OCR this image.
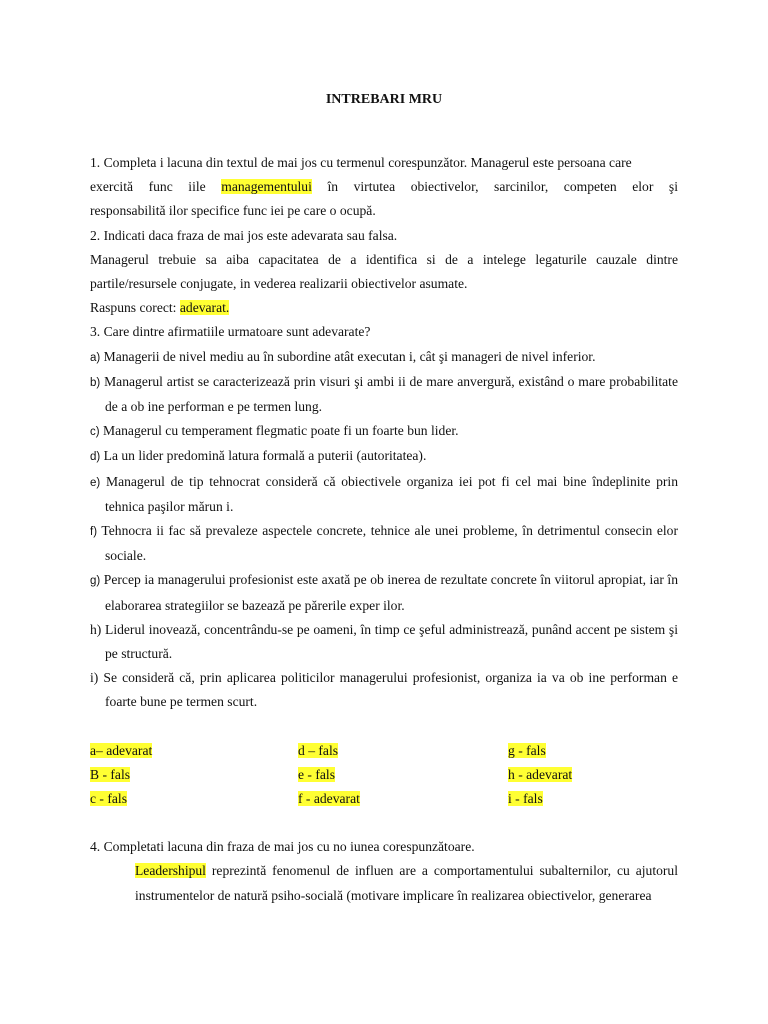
INTREBARI MRU
1. Completa i lacuna din textul de mai jos cu termenul corespunzător. Managerul este persoana care
exercită func iile managementului în virtutea obiectivelor, sarcinilor, competen elor şi
responsabilită ilor specifice func iei pe care o ocupă.
2. Indicati daca fraza de mai jos este adevarata sau falsa.
Managerul trebuie sa aiba capacitatea de a identifica si de a intelege legaturile cauzale dintre partile/resursele conjugate, in vederea realizarii obiectivelor asumate.
Raspuns corect: adevarat.
3. Care dintre afirmatiile urmatoare sunt adevarate?
a) Managerii de nivel mediu au în subordine atât executan i, cât şi manageri de nivel inferior.
b) Managerul artist se caracterizează prin visuri şi ambi ii de mare anvergură, existând o mare probabilitate de a ob ine performan e pe termen lung.
c) Managerul cu temperament flegmatic poate fi un foarte bun lider.
d) La un lider predomină latura formală a puterii (autoritatea).
e) Managerul de tip tehnocrat consideră că obiectivele organiza iei pot fi cel mai bine îndeplinite prin tehnica paşilor mărun i.
f) Tehnocra ii fac să prevaleze aspectele concrete, tehnice ale unei probleme, în detrimentul consecin elor sociale.
g) Percep ia managerului profesionist este axată pe ob inerea de rezultate concrete în viitorul apropiat, iar în elaborarea strategiilor se bazează pe părerile exper ilor.
h) Liderul inovează, concentrându-se pe oameni, în timp ce şeful administrează, punând accent pe sistem şi pe structură.
i) Se consideră că, prin aplicarea politicilor managerului profesionist, organiza ia va ob ine performan e foarte bune pe termen scurt.
a– adevarat	d – fals	g - fals
B - fals	e - fals	h - adevarat
c - fals	f - adevarat	i - fals
4. Completati lacuna din fraza de mai jos cu no iunea corespunzătoare.
Leadershipul reprezintă fenomenul de influen are a comportamentului subalternilor, cu ajutorul instrumentelor de natură psiho-socială (motivare implicare în realizarea obiectivelor, generarea
